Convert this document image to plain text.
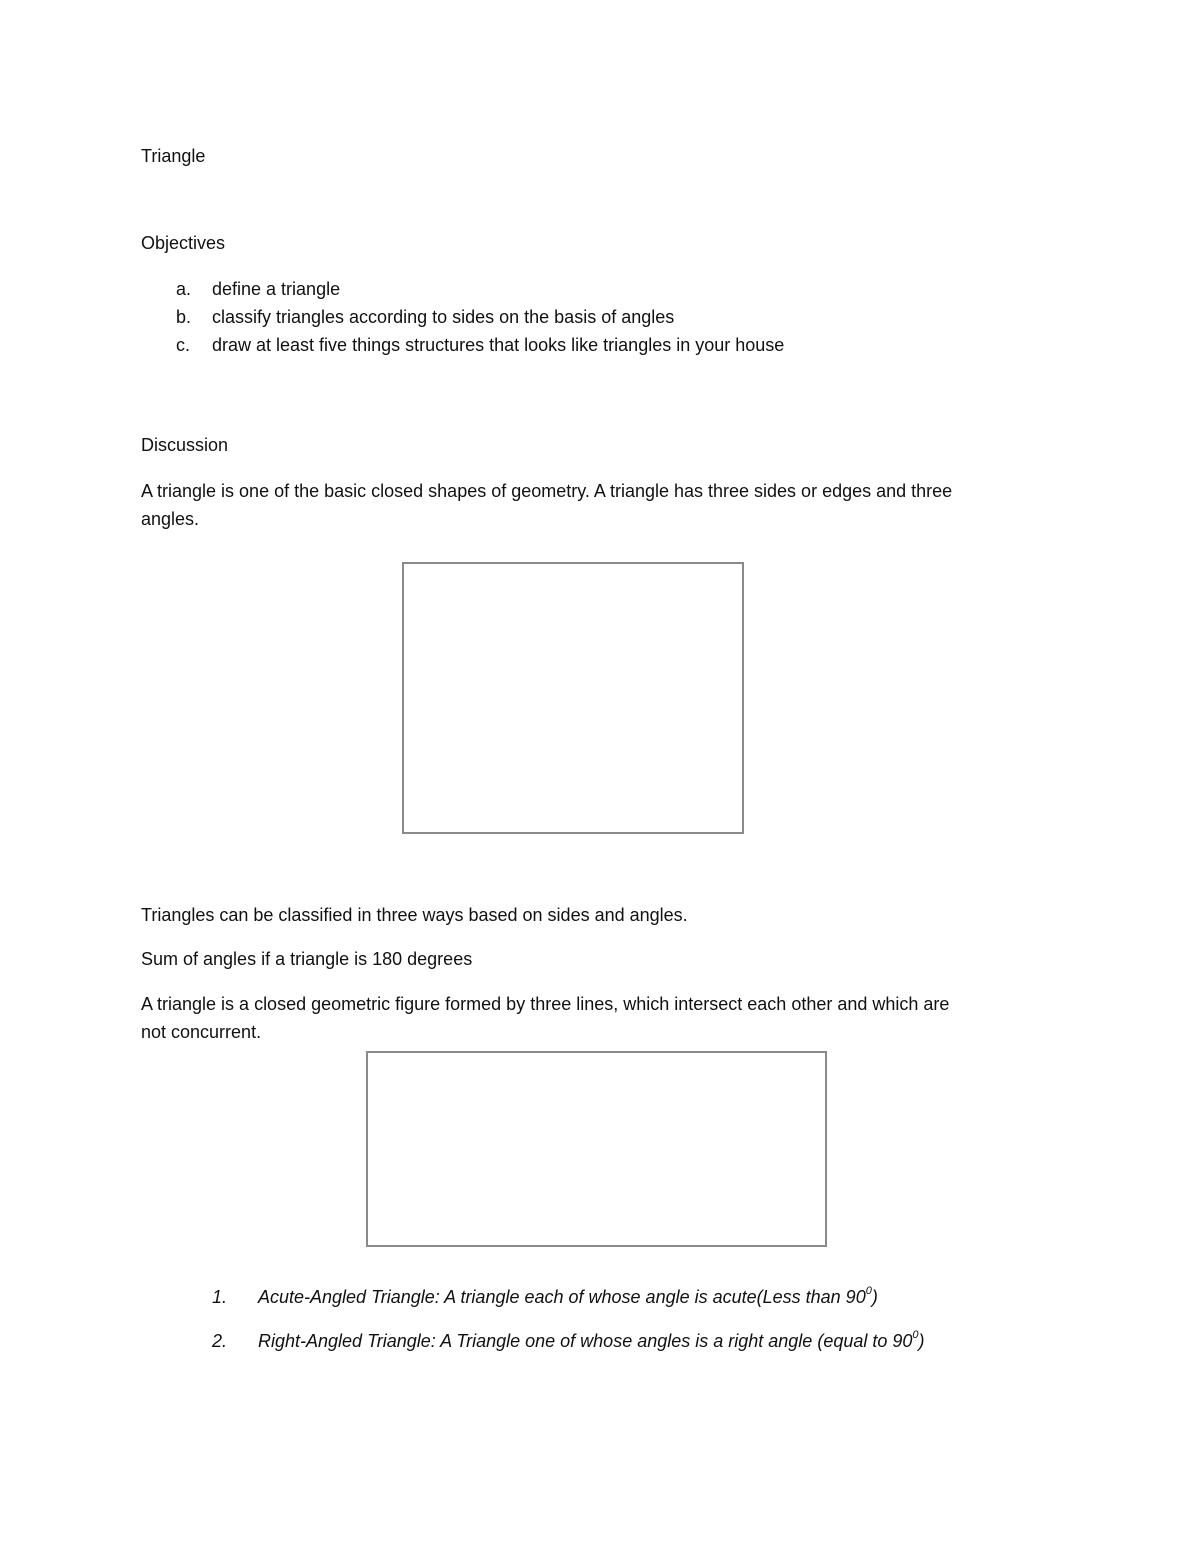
Triangle
Objectives
a. define a triangle
b. classify triangles according to sides on the basis of angles
c. draw at least five things structures that looks like triangles in your house
Discussion
A triangle is one of the basic closed shapes of geometry. A triangle has three sides or edges and three
angles.
Triangles can be classified in three ways based on sides and angles.
Sum of angles if a triangle is 180 degrees
A triangle is a closed geometric figure formed by three lines, which intersect each other and which are
not concurrent.
1. Acute-Angled Triangle: A triangle each of whose angle is acute(Less than $90^0$)
2. Right-Angled Triangle: A Triangle one of whose angles is a right angle (equal to $90^0$)
